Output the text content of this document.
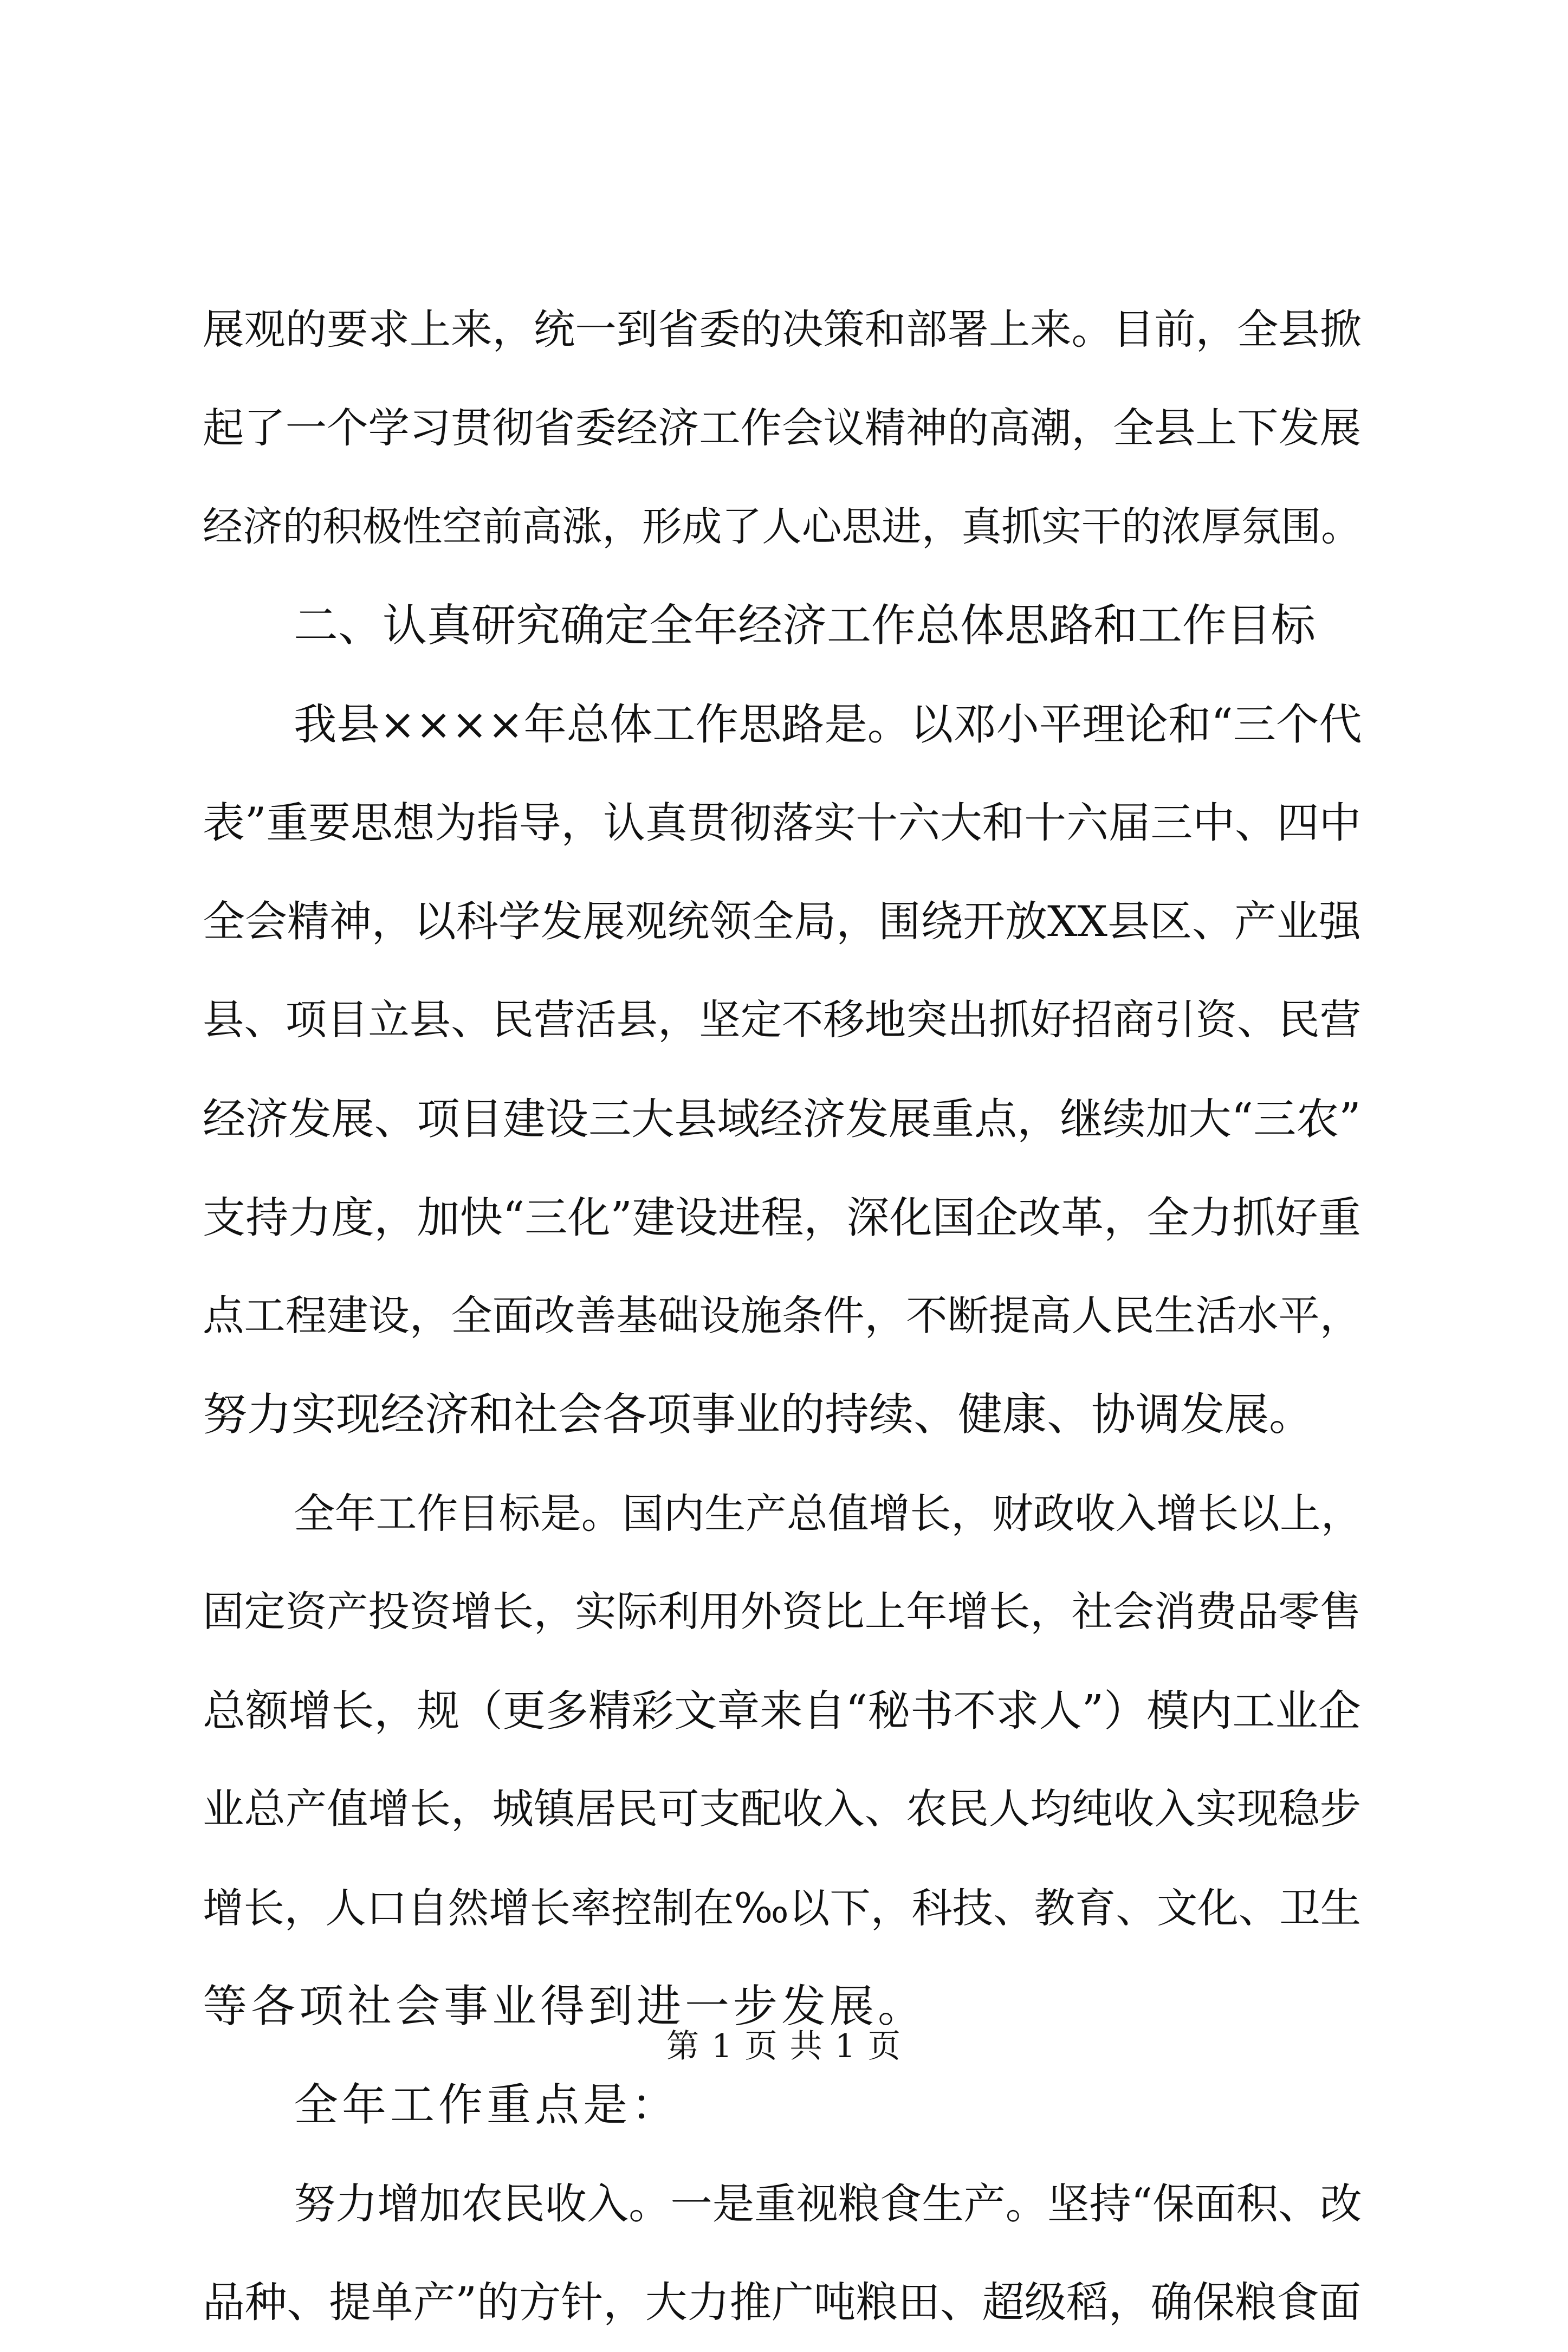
展观的要求上来，统一到省委的决策和部署上来。目前，全县掀
起了一个学习贯彻省委经济工作会议精神的高潮，全县上下发展
经济的积极性空前高涨，形成了人心思进，真抓实干的浓厚氛围。
二、认真研究确定全年经济工作总体思路和工作目标
我县××××年总体工作思路是。以邓小平理论和“三个代
表”重要思想为指导，认真贯彻落实十六大和十六届三中、四中
全会精神，以科学发展观统领全局，围绕开放XX县区、产业强
县、项目立县、民营活县，坚定不移地突出抓好招商引资、民营
经济发展、项目建设三大县域经济发展重点，继续加大“三农”
支持力度，加快“三化”建设进程，深化国企改革，全力抓好重
点工程建设，全面改善基础设施条件，不断提高人民生活水平，
努力实现经济和社会各项事业的持续、健康、协调发展。
全年工作目标是。国内生产总值增长，财政收入增长以上，
固定资产投资增长，实际利用外资比上年增长，社会消费品零售
总额增长，规（更多精彩文章来自“秘书不求人”）模内工业企
业总产值增长，城镇居民可支配收入、农民人均纯收入实现稳步
增长，人口自然增长率控制在‰以下，科技、教育、文化、卫生
等各项社会事业得到进一步发展。
全年工作重点是：
努力增加农民收入。一是重视粮食生产。坚持“保面积、改
品种、提单产”的方针，大力推广吨粮田、超级稻，确保粮食面
第 1 页 共 1 页
